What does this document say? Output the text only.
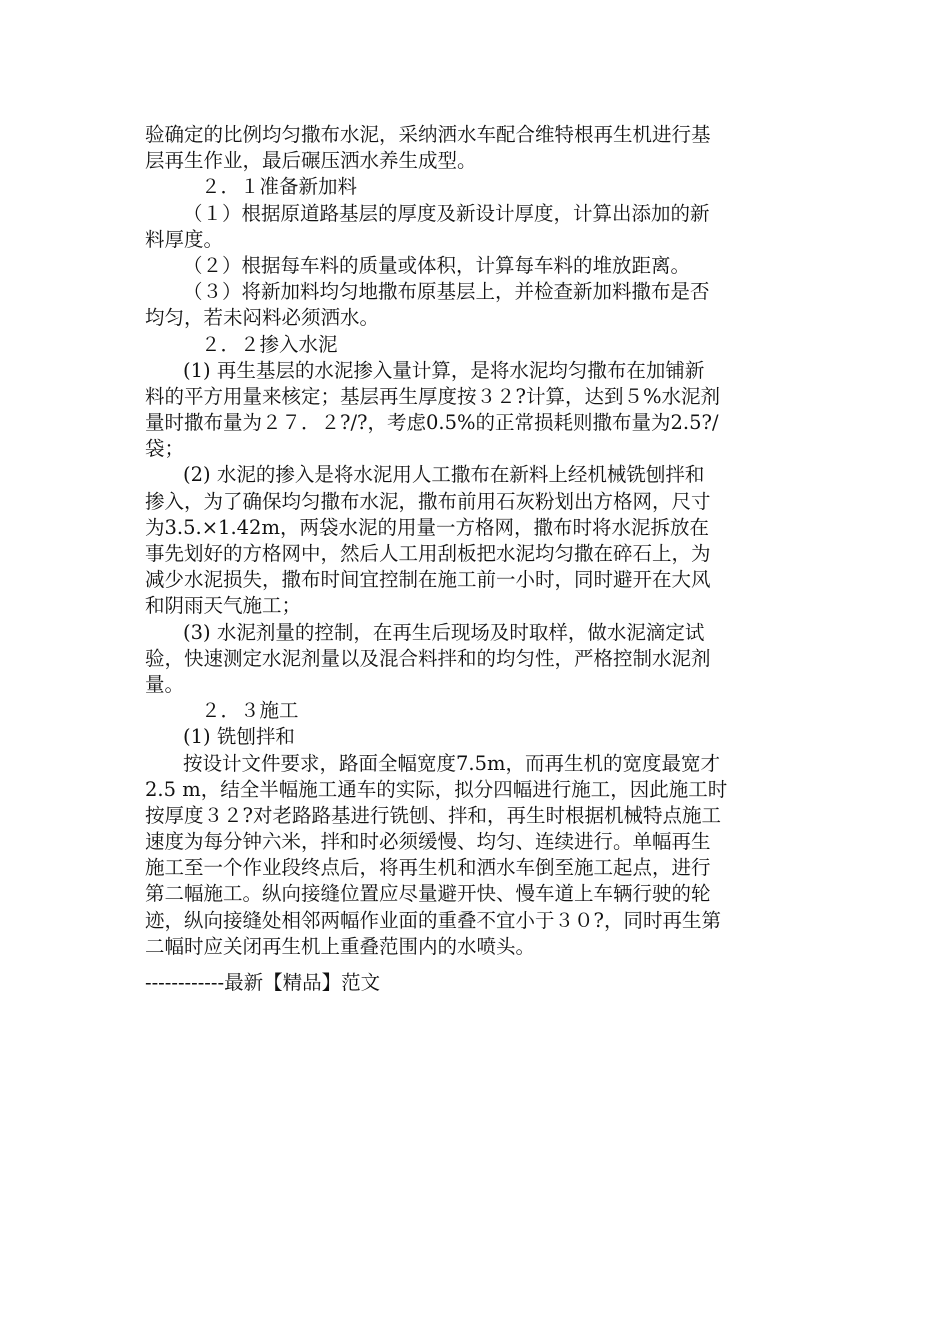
验确定的比例均匀撒布水泥，采纳洒水车配合维特根再生机进行基
层再生作业，最后碾压洒水养生成型。
２．１准备新加料
（１）根据原道路基层的厚度及新设计厚度，计算出添加的新
料厚度。
（２）根据每车料的质量或体积，计算每车料的堆放距离。
（３）将新加料均匀地撒布原基层上，并检查新加料撒布是否
均匀，若未闷料必须洒水。
２．２掺入水泥
(1) 再生基层的水泥掺入量计算，是将水泥均匀撒布在加铺新
料的平方用量来核定；基层再生厚度按３２?计算，达到５%水泥剂
量时撒布量为２７．２?/?，考虑0.5%的正常损耗则撒布量为2.5?/
袋；
(2) 水泥的掺入是将水泥用人工撒布在新料上经机械铣刨拌和
掺入，为了确保均匀撒布水泥，撒布前用石灰粉划出方格网，尺寸
为3.5.×1.42m，两袋水泥的用量一方格网，撒布时将水泥拆放在
事先划好的方格网中，然后人工用刮板把水泥均匀撒在碎石上，为
减少水泥损失，撒布时间宜控制在施工前一小时，同时避开在大风
和阴雨天气施工；
(3) 水泥剂量的控制，在再生后现场及时取样，做水泥滴定试
验，快速测定水泥剂量以及混合料拌和的均匀性，严格控制水泥剂
量。
２．３施工
(1) 铣刨拌和
按设计文件要求，路面全幅宽度7.5m，而再生机的宽度最宽才
2.5 m，结全半幅施工通车的实际，拟分四幅进行施工，因此施工时
按厚度３２?对老路路基进行铣刨、拌和，再生时根据机械特点施工
速度为每分钟六米，拌和时必须缓慢、均匀、连续进行。单幅再生
施工至一个作业段终点后，将再生机和洒水车倒至施工起点，进行
第二幅施工。纵向接缝位置应尽量避开快、慢车道上车辆行驶的轮
迹，纵向接缝处相邻两幅作业面的重叠不宜小于３０?，同时再生第
二幅时应关闭再生机上重叠范围内的水喷头。
------------最新【精品】范文
